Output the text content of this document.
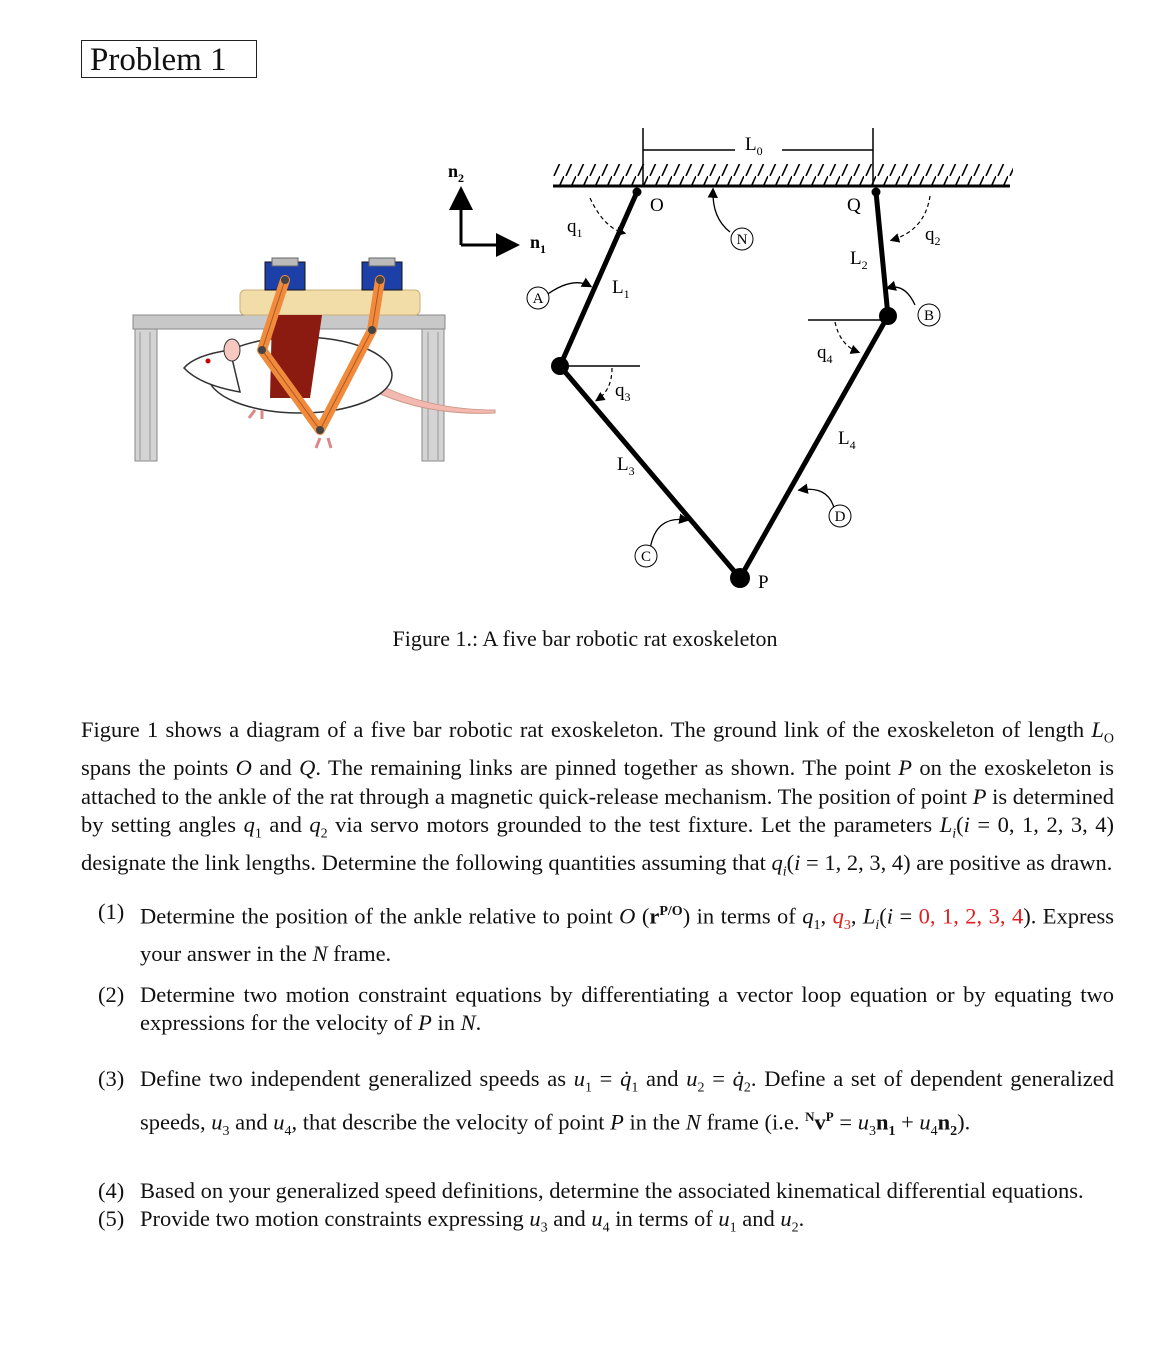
Problem 1
$n_2$
$n_1$
$L_0$
N
A
B
C
D
O	Q
P
$q_1$	$q_2$
$q_3$
$q_4$
$L_1$
$L_2$
$L_3$
$L_4$
Figure 1.: A five bar robotic rat exoskeleton

Figure 1 shows a diagram of a five bar robotic rat exoskeleton. The ground link of the exoskeleton of length $L_O$ spans the points O and Q. The remaining links are pinned together as shown. The point P on the exoskeleton is attached to the ankle of the rat through a magnetic quick-release mechanism. The position of point P is determined by setting angles $q_1$ and $q_2$ via servo motors grounded to the test fixture. Let the parameters $L_i(i = 0$, 1, 2, 3, 4) designate the link lengths. Determine the following quantities assuming that $q_i(i = 1$, 2, 3, 4) are positive as drawn.

(1) Determine the position of the ankle relative to point O $(r^{P/O})$ in terms of $q_1$, $q_3$, $L_i(i = 0$, 1, 2, 3, 4). Express your answer in the N frame.
(2) Determine two motion constraint equations by differentiating a vector loop equation or by equating two expressions for the velocity of P in N.
(3) Define two independent generalized speeds as $u_1$ = $q̇_1$ and $u_2$ = $q̇_2$. Define a set of dependent generalized speeds, $u_3$ and $u_4$, that describe the velocity of point P in the N frame (i.e. $^Nv^P = u_3n_1 + u_4n_2$).
(4) Based on your generalized speed definitions, determine the associated kinematical differential equations.
(5) Provide two motion constraints expressing $u_3$ and $u_4$ in terms of $u_1$ and $u_2$.
